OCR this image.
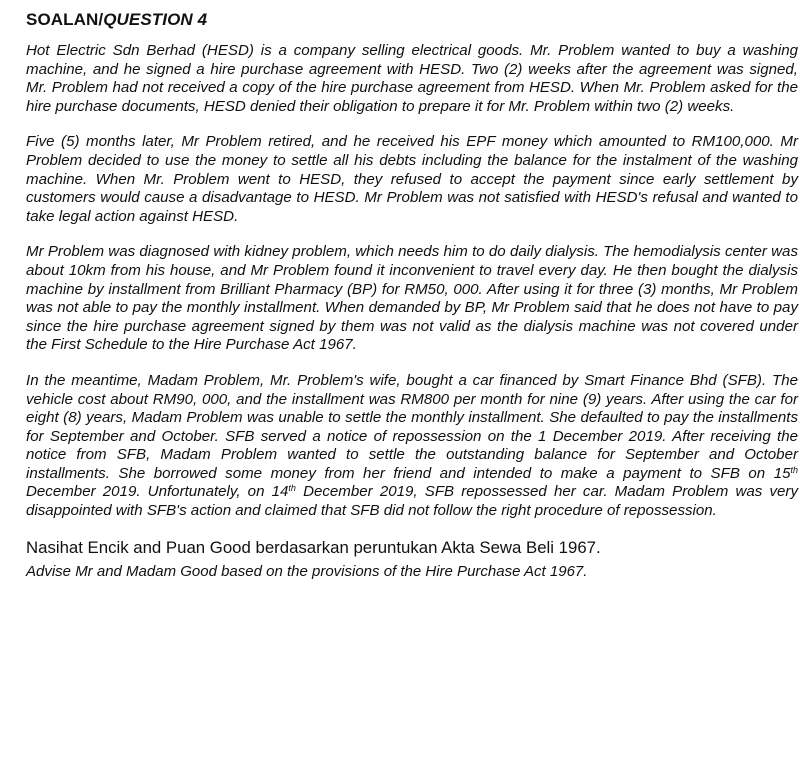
SOALAN/QUESTION 4

Hot Electric Sdn Berhad (HESD) is a company selling electrical goods. Mr. Problem wanted to buy a washing machine, and he signed a hire purchase agreement with HESD. Two (2) weeks after the agreement was signed, Mr. Problem had not received a copy of the hire purchase agreement from HESD. When Mr. Problem asked for the hire purchase documents, HESD denied their obligation to prepare it for Mr. Problem within two (2) weeks.

Five (5) months later, Mr Problem retired, and he received his EPF money which amounted to RM100,000. Mr Problem decided to use the money to settle all his debts including the balance for the instalment of the washing machine. When Mr. Problem went to HESD, they refused to accept the payment since early settlement by customers would cause a disadvantage to HESD. Mr Problem was not satisfied with HESD's refusal and wanted to take legal action against HESD.

Mr Problem was diagnosed with kidney problem, which needs him to do daily dialysis. The hemodialysis center was about 10km from his house, and Mr Problem found it inconvenient to travel every day. He then bought the dialysis machine by installment from Brilliant Pharmacy (BP) for RM50, 000. After using it for three (3) months, Mr Problem was not able to pay the monthly installment. When demanded by BP, Mr Problem said that he does not have to pay since the hire purchase agreement signed by them was not valid as the dialysis machine was not covered under the First Schedule to the Hire Purchase Act 1967.

In the meantime, Madam Problem, Mr. Problem's wife, bought a car financed by Smart Finance Bhd (SFB). The vehicle cost about RM90, 000, and the installment was RM800 per month for nine (9) years. After using the car for eight (8) years, Madam Problem was unable to settle the monthly installment. She defaulted to pay the installments for September and October. SFB served a notice of repossession on the 1 December 2019. After receiving the notice from SFB, Madam Problem wanted to settle the outstanding balance for September and October installments. She borrowed some money from her friend and intended to make a payment to SFB on 15th December 2019. Unfortunately, on 14th December 2019, SFB repossessed her car. Madam Problem was very disappointed with SFB's action and claimed that SFB did not follow the right procedure of repossession.

Nasihat Encik and Puan Good berdasarkan peruntukan Akta Sewa Beli 1967.
Advise Mr and Madam Good based on the provisions of the Hire Purchase Act 1967.
